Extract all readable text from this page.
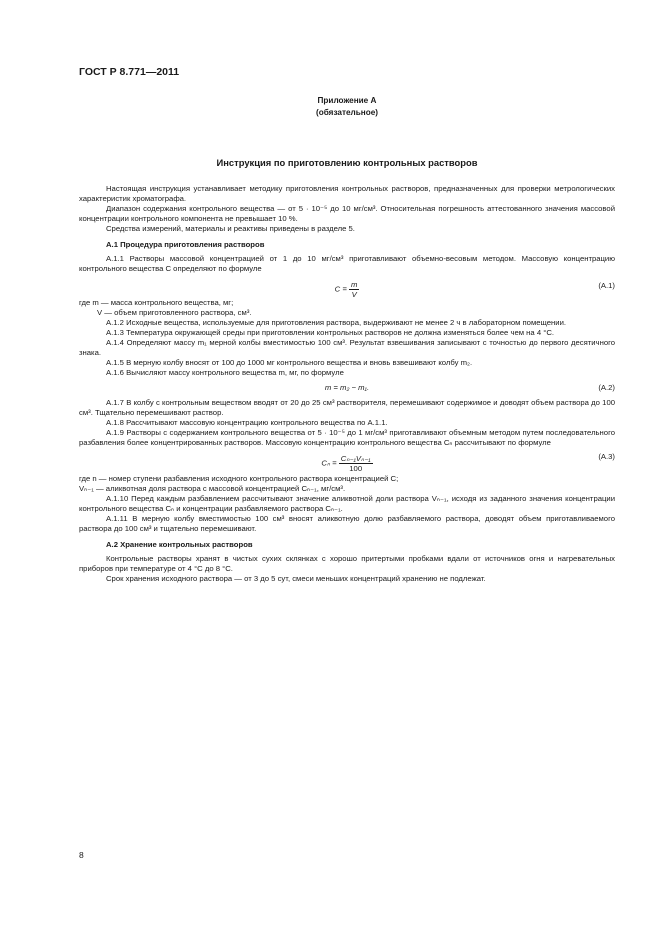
ГОСТ Р 8.771—2011
Приложение А
(обязательное)
Инструкция по приготовлению контрольных растворов

Настоящая инструкция устанавливает методику приготовления контрольных растворов, предназначенных для проверки метрологических характеристик хроматографа.

Диапазон содержания контрольного вещества — от 5 · 10⁻⁵ до 10 мг/см³. Относительная погрешность аттестованного значения массовой концентрации контрольного компонента не превышает 10 %.

Средства измерений, материалы и реактивы приведены в разделе 5.

А.1 Процедура приготовления растворов

А.1.1 Растворы массовой концентрацией от 1 до 10 мг/см³ приготавливают объемно-весовым методом. Массовую концентрацию контрольного вещества C определяют по формуле

$C = \frac{m}{V}$	(А.1)

где m — масса контрольного вещества, мг;

V — объем приготовленного раствора, см³.

А.1.2 Исходные вещества, используемые для приготовления раствора, выдерживают не менее 2 ч в лабораторном помещении.

А.1.3 Температура окружающей среды при приготовлении контрольных растворов не должна изменяться более чем на 4 °С.

А.1.4 Определяют массу m₁ мерной колбы вместимостью 100 см³. Результат взвешивания записывают с точностью до первого десятичного знака.

А.1.5 В мерную колбу вносят от 100 до 1000 мг контрольного вещества и вновь взвешивают колбу m₂.

А.1.6 Вычисляют массу контрольного вещества m, мг, по формуле

m = m₂ − m₁.	(А.2)

А.1.7 В колбу с контрольным веществом вводят от 20 до 25 см³ растворителя, перемешивают содержимое и доводят объем раствора до 100 см³. Тщательно перемешивают раствор.

А.1.8 Рассчитывают массовую концентрацию контрольного вещества по А.1.1.

А.1.9 Растворы с содержанием контрольного вещества от 5 · 10⁻⁵ до 1 мг/см³ приготавливают объемным методом путем последовательного разбавления более концентрированных растворов. Массовую концентрацию контрольного вещества Cₙ рассчитывают по формуле

$C_n = \frac{\text{Cₙ₋₁Vₙ₋₁}}{100}$	(А.3)

где n — номер ступени разбавления исходного контрольного раствора концентрацией C;

Vₙ₋₁ — аликвотная доля раствора с массовой концентрацией Cₙ₋₁, мг/см³.

А.1.10 Перед каждым разбавлением рассчитывают значение аликвотной доли раствора Vₙ₋₁, исходя из заданного значения концентрации контрольного вещества Cₙ и концентрации разбавляемого раствора Cₙ₋₁.

А.1.11 В мерную колбу вместимостью 100 см³ вносят аликвотную долю разбавляемого раствора, доводят объем приготавливаемого раствора до 100 см³ и тщательно перемешивают.

А.2 Хранение контрольных растворов

Контрольные растворы хранят в чистых сухих склянках с хорошо притертыми пробками вдали от источников огня и нагревательных приборов при температуре от 4 °С до 8 °С.

Срок хранения исходного раствора — от 3 до 5 сут, смеси меньших концентраций хранению не подлежат.

8
